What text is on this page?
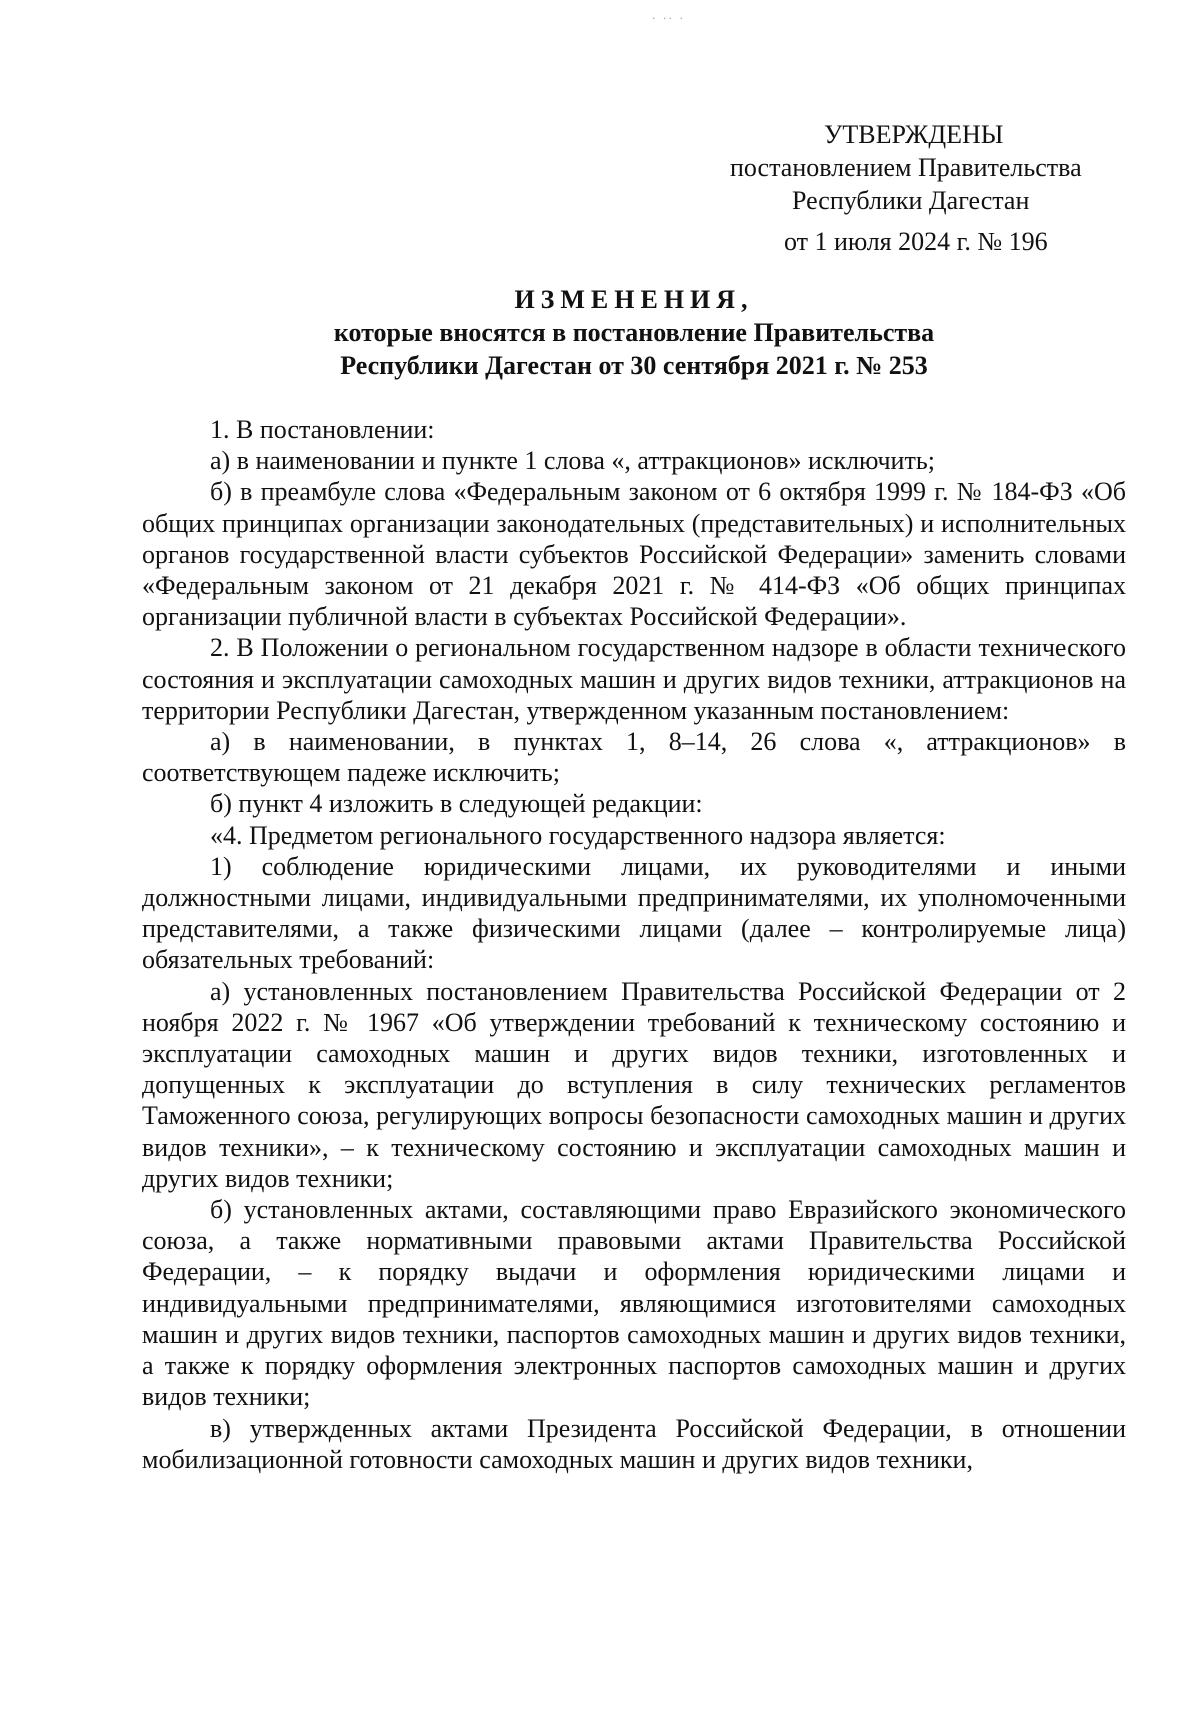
УТВЕРЖДЕНЫ
постановлением Правительства
Республики Дагестан
от 1 июля 2024 г. № 196
ИЗМЕНЕНИЯ,
которые вносятся в постановление Правительства
Республики Дагестан от 30 сентября 2021 г. № 253

1. В постановлении:

а) в наименовании и пункте 1 слова «, аттракционов» исключить;

б) в преамбуле слова «Федеральным законом от 6 октября 1999 г. № 184-ФЗ «Об общих принципах организации законодательных (представительных) и исполнительных органов государственной власти субъектов Российской Федерации» заменить словами «Федеральным законом от 21 декабря 2021 г. № 414-ФЗ «Об общих принципах организации публичной власти в субъектах Российской Федерации».

2. В Положении о региональном государственном надзоре в области технического состояния и эксплуатации самоходных машин и других видов техники, аттракционов на территории Республики Дагестан, утвержденном указанным постановлением:

а) в наименовании, в пунктах 1, 8–14, 26 слова «, аттракционов» в соответствующем падеже исключить;

б) пункт 4 изложить в следующей редакции:

«4. Предметом регионального государственного надзора является:

1) соблюдение юридическими лицами, их руководителями и иными должностными лицами, индивидуальными предпринимателями, их уполномоченными представителями, а также физическими лицами (далее – контролируемые лица) обязательных требований:

а) установленных постановлением Правительства Российской Федерации от 2 ноября 2022 г. № 1967 «Об утверждении требований к техническому состоянию и эксплуатации самоходных машин и других видов техники, изготовленных и допущенных к эксплуатации до вступления в силу технических регламентов Таможенного союза, регулирующих вопросы безопасности самоходных машин и других видов техники», – к техническому состоянию и эксплуатации самоходных машин и других видов техники;

б) установленных актами, составляющими право Евразийского экономического союза, а также нормативными правовыми актами Правительства Российской Федерации, – к порядку выдачи и оформления юридическими лицами и индивидуальными предпринимателями, являющимися изготовителями самоходных машин и других видов техники, паспортов самоходных машин и других видов техники, а также к порядку оформления электронных паспортов самоходных машин и других видов техники;

в) утвержденных актами Президента Российской Федерации, в отношении мобилизационной готовности самоходных машин и других видов техники,

· ·· ·
